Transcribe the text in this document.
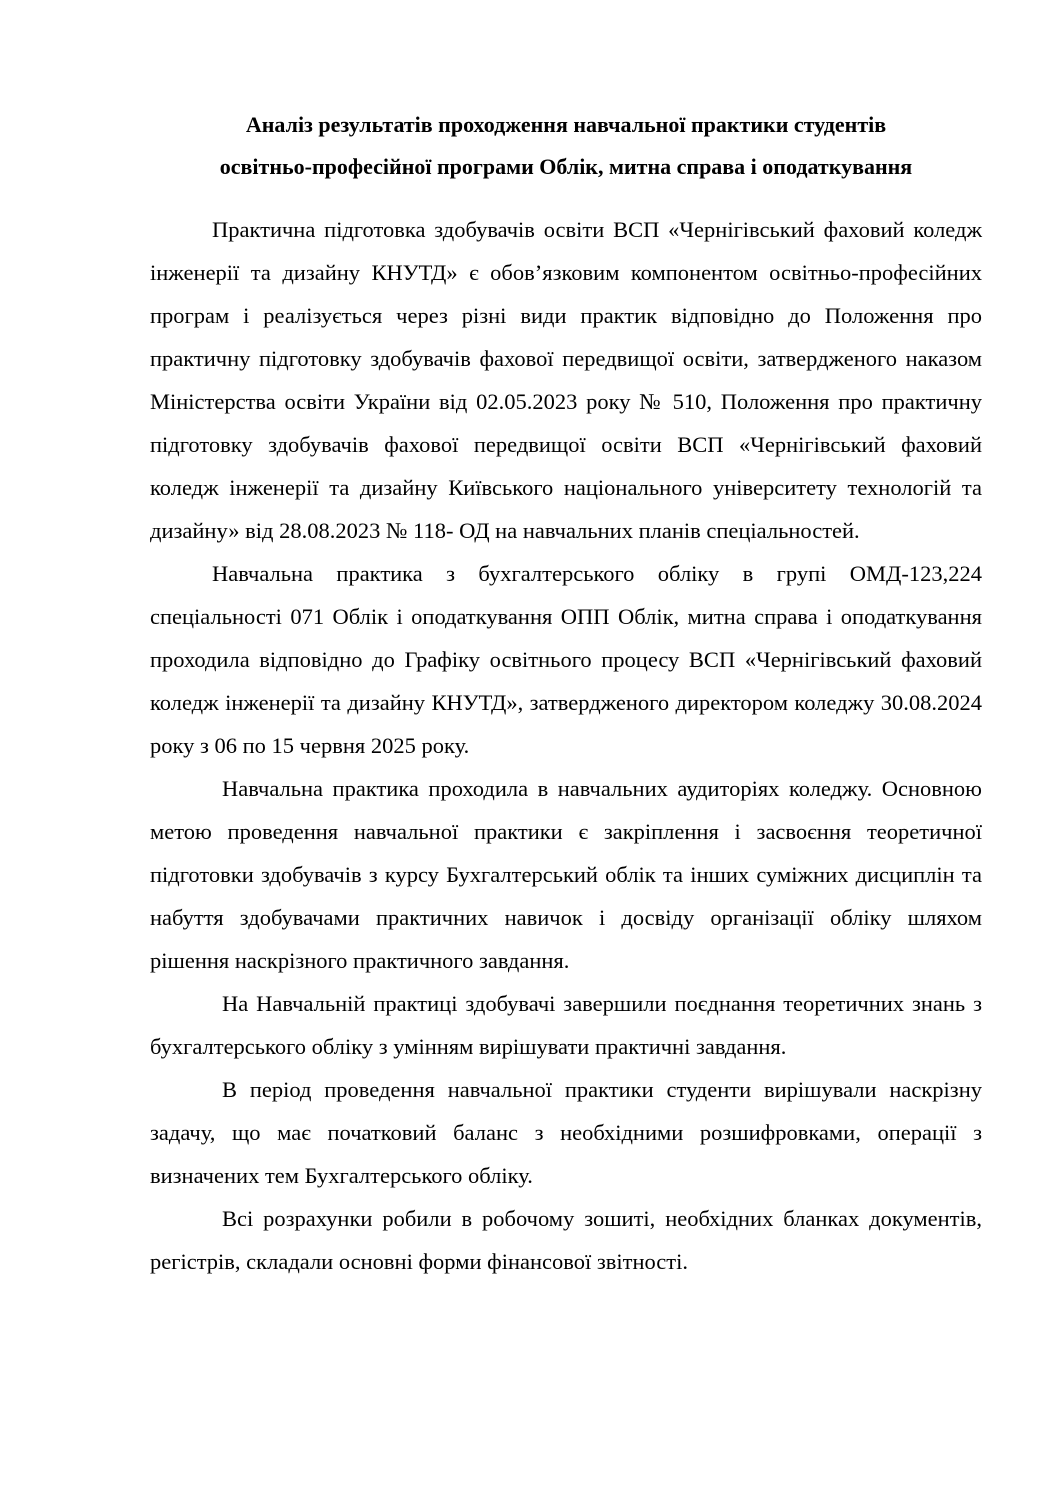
Аналіз результатів проходження навчальної практики студентів
освітньо-професійної програми Облік, митна справа і оподаткування

Практична підготовка здобувачів освіти ВСП «Чернігівський фаховий коледж інженерії та дизайну КНУТД» є обов’язковим компонентом освітньо-професійних програм і реалізується через різні види практик відповідно до Положення про практичну підготовку здобувачів фахової передвищої освіти, затвердженого наказом Міністерства освіти України від 02.05.2023 року № 510, Положення про практичну підготовку здобувачів фахової передвищої освіти ВСП «Чернігівський фаховий коледж інженерії та дизайну Київського національного університету технологій та дизайну» від 28.08.2023 № 118- ОД на навчальних планів спеціальностей.

Навчальна практика з бухгалтерського обліку в групі ОМД-123,224 спеціальності 071 Облік і оподаткування ОПП Облік, митна справа і оподаткування проходила відповідно до Графіку освітнього процесу ВСП «Чернігівський фаховий коледж інженерії та дизайну КНУТД», затвердженого директором коледжу 30.08.2024 року з 06 по 15 червня 2025 року.

Навчальна практика проходила в навчальних аудиторіях коледжу. Основною метою проведення навчальної практики є закріплення і засвоєння теоретичної підготовки здобувачів з курсу Бухгалтерський облік та інших суміжних дисциплін та набуття здобувачами практичних навичок і досвіду організації обліку шляхом рішення наскрізного практичного завдання.

На Навчальній практиці здобувачі завершили поєднання теоретичних знань з бухгалтерського обліку з умінням вирішувати практичні завдання.

В період проведення навчальної практики студенти вирішували наскрізну задачу, що має початковий баланс з необхідними розшифровками, операції з визначених тем Бухгалтерського обліку.

Всі розрахунки робили в робочому зошиті, необхідних бланках документів, регістрів, складали основні форми фінансової звітності.
